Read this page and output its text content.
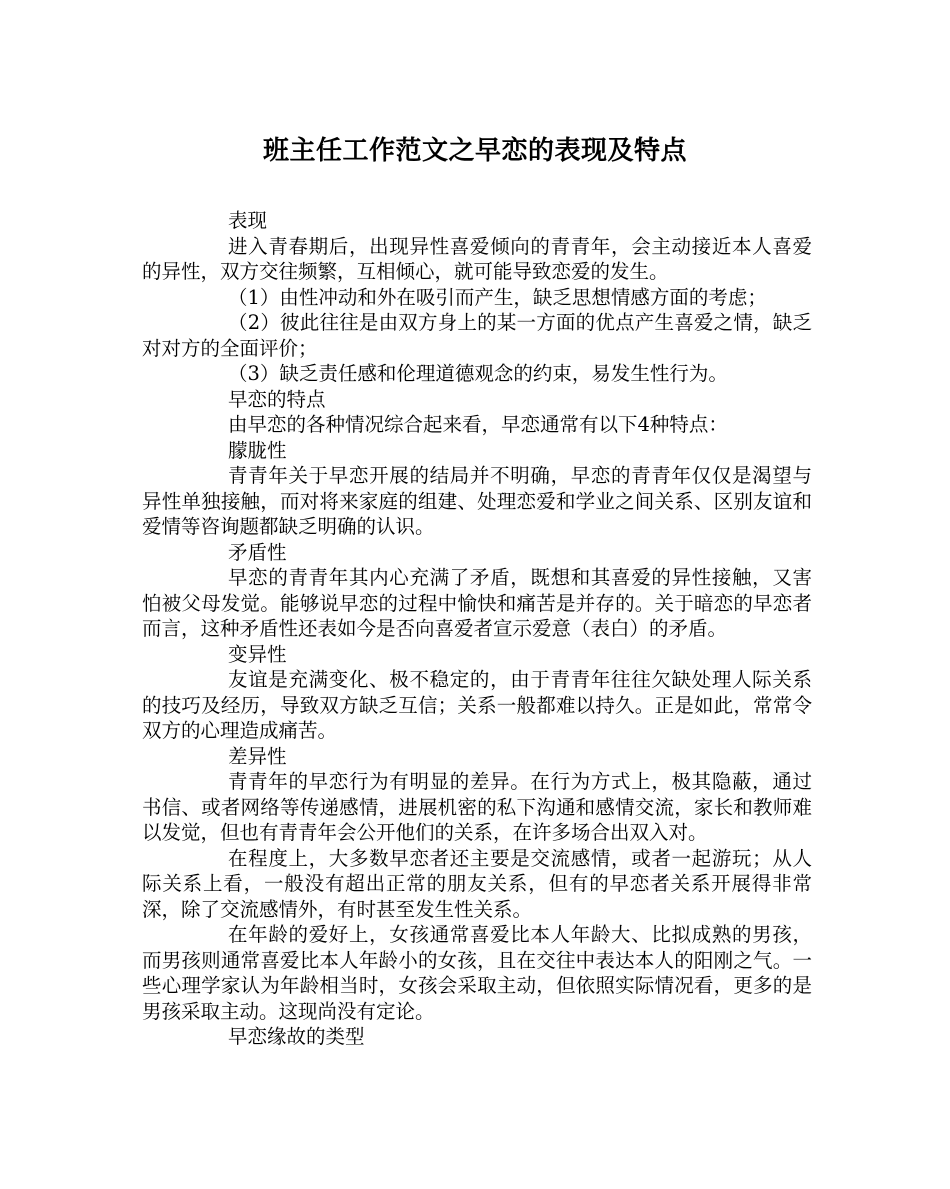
班主任工作范文之早恋的表现及特点

表现

进入青春期后，出现异性喜爱倾向的青青年，会主动接近本人喜爱的异性，双方交往频繁，互相倾心，就可能导致恋爱的发生。

（1）由性冲动和外在吸引而产生，缺乏思想情感方面的考虑；

（2）彼此往往是由双方身上的某一方面的优点产生喜爱之情，缺乏对对方的全面评价；

（3）缺乏责任感和伦理道德观念的约束，易发生性行为。

早恋的特点

由早恋的各种情况综合起来看，早恋通常有以下4种特点：

朦胧性

青青年关于早恋开展的结局并不明确，早恋的青青年仅仅是渴望与异性单独接触，而对将来家庭的组建、处理恋爱和学业之间关系、区别友谊和爱情等咨询题都缺乏明确的认识。

矛盾性

早恋的青青年其内心充满了矛盾，既想和其喜爱的异性接触，又害怕被父母发觉。能够说早恋的过程中愉快和痛苦是并存的。关于暗恋的早恋者而言，这种矛盾性还表如今是否向喜爱者宣示爱意（表白）的矛盾。

变异性

友谊是充满变化、极不稳定的，由于青青年往往欠缺处理人际关系的技巧及经历，导致双方缺乏互信；关系一般都难以持久。正是如此，常常令双方的心理造成痛苦。

差异性

青青年的早恋行为有明显的差异。在行为方式上，极其隐蔽，通过书信、或者网络等传递感情，进展机密的私下沟通和感情交流，家长和教师难以发觉，但也有青青年会公开他们的关系，在许多场合出双入对。

在程度上，大多数早恋者还主要是交流感情，或者一起游玩；从人际关系上看，一般没有超出正常的朋友关系，但有的早恋者关系开展得非常深，除了交流感情外，有时甚至发生性关系。

在年龄的爱好上，女孩通常喜爱比本人年龄大、比拟成熟的男孩，而男孩则通常喜爱比本人年龄小的女孩，且在交往中表达本人的阳刚之气。一些心理学家认为年龄相当时，女孩会采取主动，但依照实际情况看，更多的是男孩采取主动。这现尚没有定论。

早恋缘故的类型
